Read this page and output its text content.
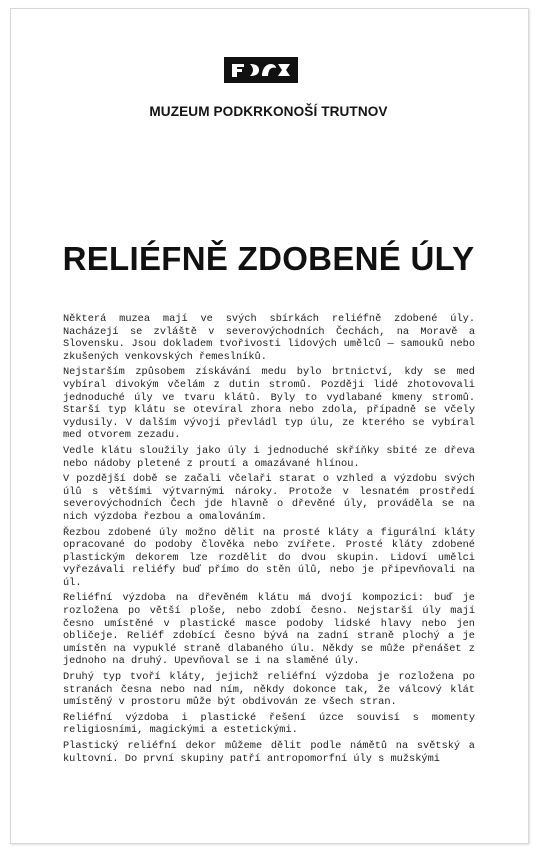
MUZEUM PODKRKONOŠÍ TRUTNOV
RELIÉFNĚ ZDOBENÉ ÚLY

Některá muzea mají ve svých sbírkách reliéfně zdobené úly. Nacházejí se zvláště v severovýchodních Čechách, na Moravě a Slovensku. Jsou dokladem tvořivosti lidových umělců — samouků nebo zkušených venkovských řemeslníků.

Nejstarším způsobem získávání medu bylo brtnictví, kdy se med vybíral divokým včelám z dutin stromů. Později lidé zhotovovali jednoduché úly ve tvaru klátů. Byly to vydlabané kmeny stromů. Starší typ klátu se otevíral zhora nebo zdola, případně se včely vydusily. V dalším vývoji převládl typ úlu, ze kterého se vybíral med otvorem zezadu.

Vedle klátu sloužily jako úly i jednoduché skříňky sbité ze dřeva nebo nádoby pletené z proutí a omazávané hlínou.

V pozdější době se začali včelaři starat o vzhled a výzdobu svých úlů s většími výtvarnými nároky. Protože v lesnatém prostředí severovýchodních Čech jde hlavně o dřevěné úly, prováděla se na nich výzdoba řezbou a omalováním.

Řezbou zdobené úly možno dělit na prosté kláty a figurální kláty opracované do podoby člověka nebo zvířete. Prosté kláty zdobené plastickým dekorem lze rozdělit do dvou skupin. Lidoví umělci vyřezávali reliéfy buď přímo do stěn úlů, nebo je připevňovali na úl.

Reliéfní výzdoba na dřevěném klátu má dvojí kompozici: buď je rozložena po větší ploše, nebo zdobí česno. Nejstarší úly mají česno umístěné v plastické masce podoby lidské hlavy nebo jen obličeje. Reliéf zdobící česno bývá na zadní straně plochý a je umístěn na vypuklé straně dlabaného úlu. Někdy se může přenášet z jednoho na druhý. Upevňoval se i na slaměné úly.

Druhý typ tvoří kláty, jejichž reliéfní výzdoba je rozložena po stranách česna nebo nad ním, někdy dokonce tak, že válcový klát umístěný v prostoru může být obdivován ze všech stran.

Reliéfní výzdoba i plastické řešení úzce souvisí s momenty religiosními, magickými a estetickými.

Plastický reliéfní dekor můžeme dělit podle námětů na světský a kultovní. Do první skupiny patří antropomorfní úly s mužskými
